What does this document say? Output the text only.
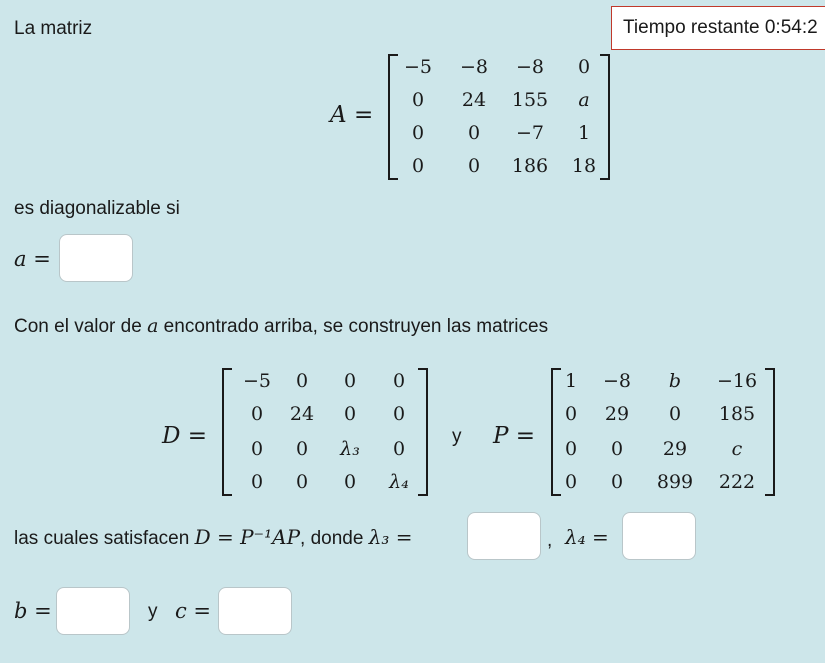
Tiempo restante 0:54:2
La matriz
A =
−5 −8 −8 0
0 24 155 a
0 0 −7 1
0 0 186 18
es diagonalizable si
a =
Con el valor de a encontrado arriba, se construyen las matrices
D =
−5 0 0 0
0 24 0 0
0 0 λ₃ 0
0 0 0 λ₄
y P =
1 −8 b −16
0 29 0 185
0 0 29 c
0 0 899 222
las cuales satisfacen D = P⁻¹AP, donde λ₃ =	, λ₄ =
b =	y c =
